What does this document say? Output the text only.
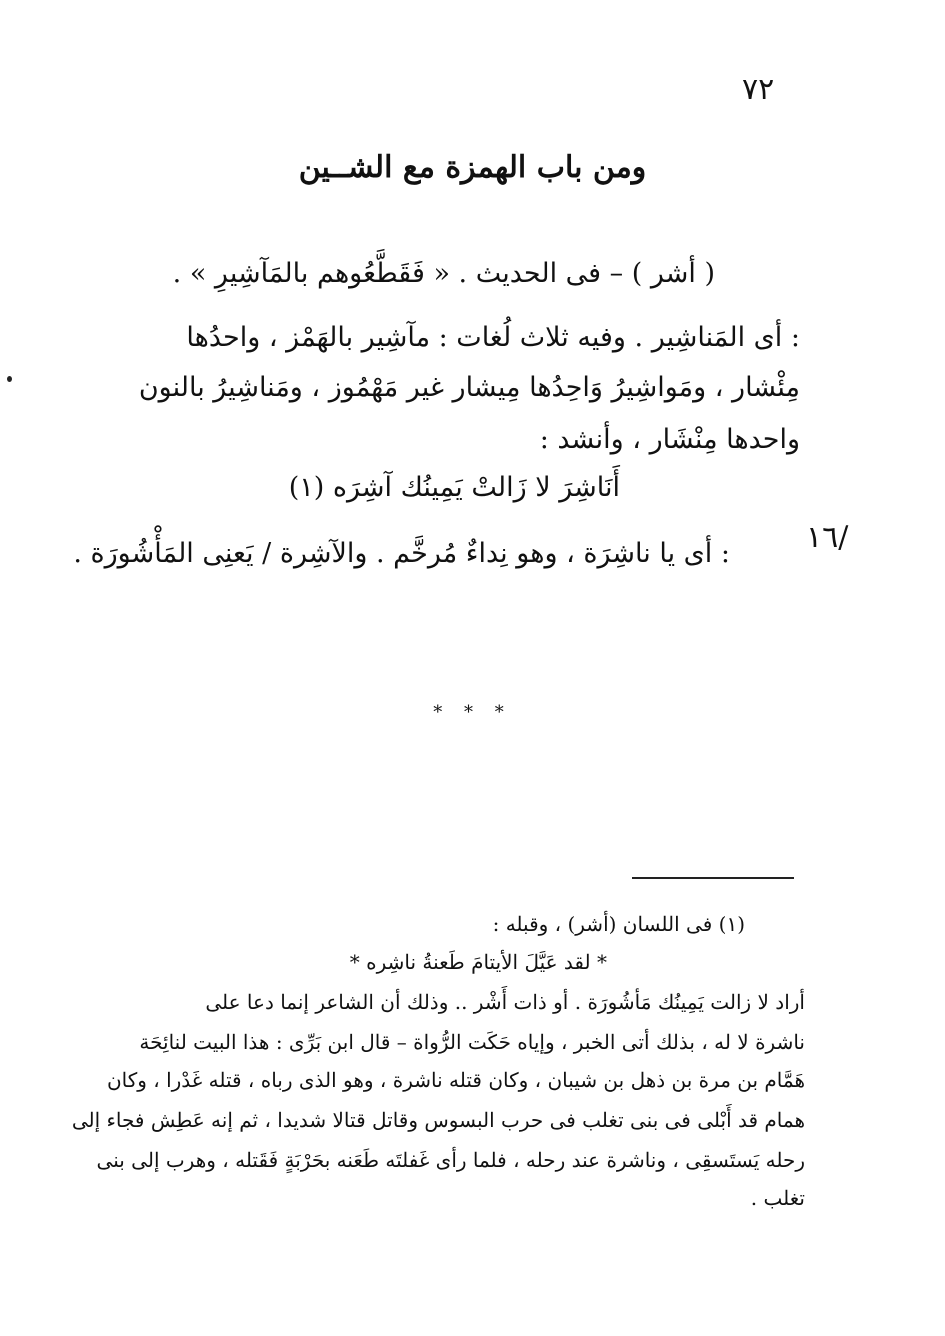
٧٢
ومن باب الهمزة مع الشــين
( أشر ) – فى الحديث . « فَقَطَّعُوهم بالمَآشِيرِ » .
: أى المَناشِير . وفيه ثلاث لُغات : مآشِير بالهَمْز ، واحدُها
مِئْشار ، ومَواشِيرُ وَاحِدُها مِيشار غير مَهْمُوز ، ومَناشِيرُ بالنون
واحدها مِنْشَار ، وأنشد :
أَنَاشِرَ لا زَالتْ يَمِينُك آشِرَه (١)
: أى يا ناشِرَة ، وهو نِداءٌ مُرخَّم . والآشِرة / يَعنِى المَأْشُورَة .	/١٦
* * *
(١) فى اللسان (أشر) ، وقبله :
* لقد عَيَّلَ الأيتامَ طَعنةُ ناشِره *
أراد لا زالت يَمِينُك مَأشُورَة . أو ذات أَشْر .. وذلك أن الشاعر إنما دعا على
ناشرة لا له ، بذلك أتى الخبر ، وإياه حَكَت الرُّواة – قال ابن بَرِّى : هذا البيت لنائِحَة
هَمَّام بن مرة بن ذهل بن شيبان ، وكان قتله ناشرة ، وهو الذى رباه ، قتله غَدْرا ، وكان
همام قد أَبْلى فى بنى تغلب فى حرب البسوس وقاتل قتالا شديدا ، ثم إنه عَطِش فجاء إلى
رحله يَستَسقِى ، وناشرة عند رحله ، فلما رأى غَفلتَه طَعَنه بحَرْبَةٍ فَقَتله ، وهرب إلى بنى
تغلب .
